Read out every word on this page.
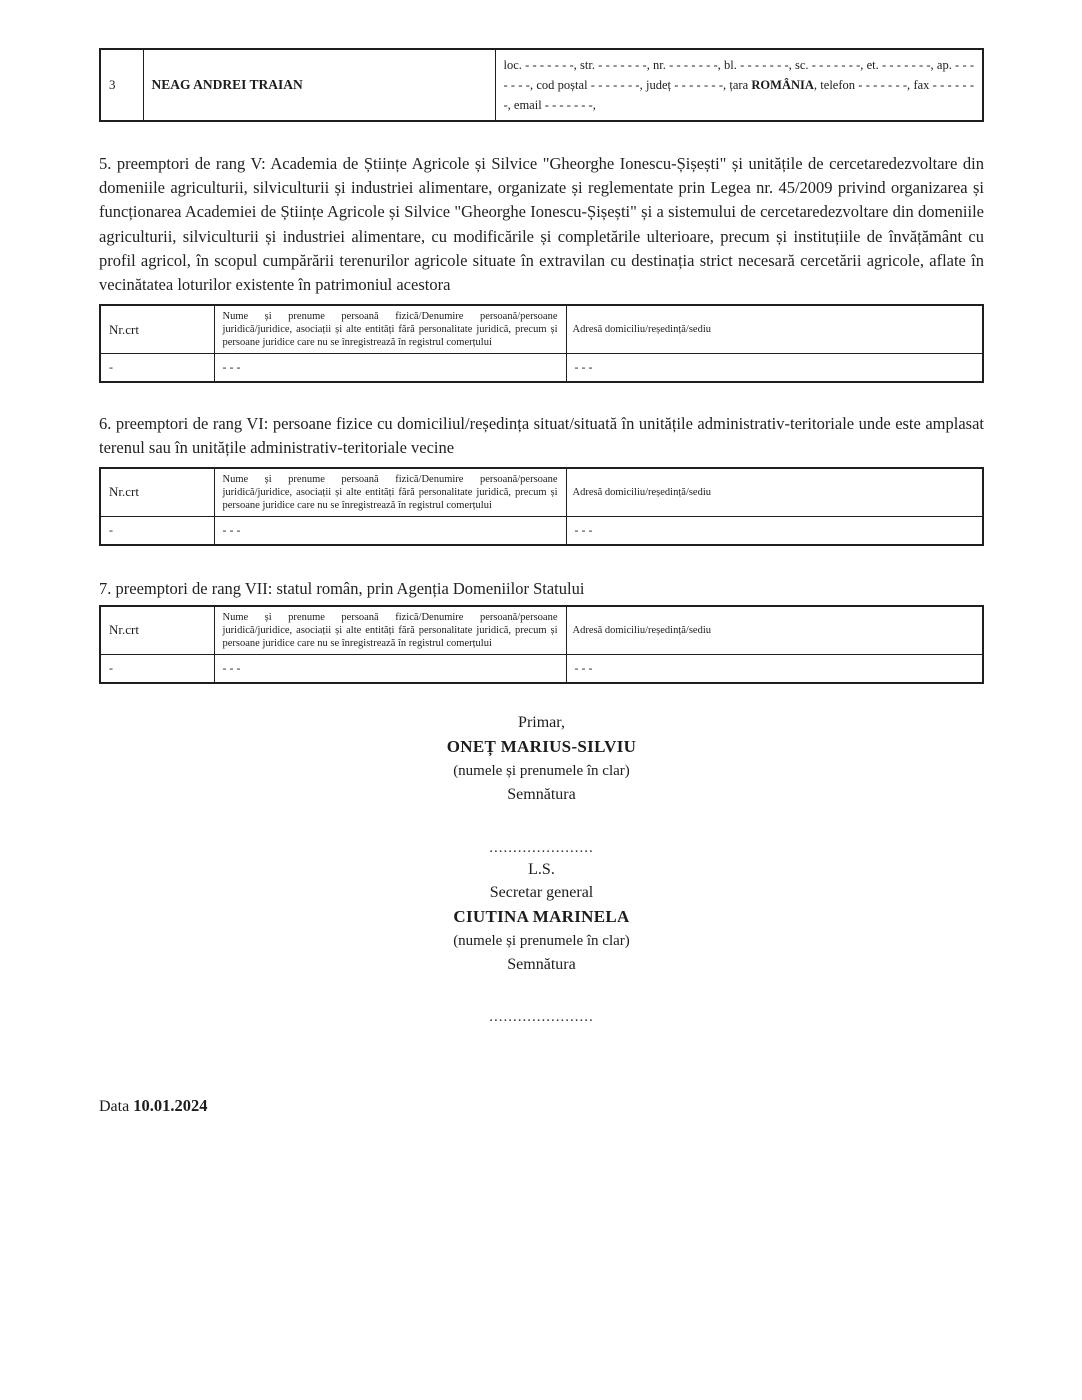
3	NEAG ANDREI TRAIAN	loc. - - - - - - -, str. - - - - - - -, nr. - - - - - - -, bl. - - - - - - -, sc. - - - - - - -, et. - - - - - - -, ap. - - - - - - -, cod poștal - - - - - - -, județ - - - - - - -, țara ROMÂNIA, telefon - - - - - - -, fax - - - - - - -, email - - - - - - -,

5. preemptori de rang V: Academia de Științe Agricole și Silvice "Gheorghe Ionescu-Șișești" și unitățile de cercetaredezvoltare din domeniile agriculturii, silviculturii și industriei alimentare, organizate și reglementate prin Legea nr. 45/2009 privind organizarea și funcționarea Academiei de Științe Agricole și Silvice "Gheorghe Ionescu-Șișești" și a sistemului de cercetaredezvoltare din domeniile agriculturii, silviculturii și industriei alimentare, cu modificările și completările ulterioare, precum și instituțiile de învățământ cu profil agricol, în scopul cumpărării terenurilor agricole situate în extravilan cu destinația strict necesară cercetării agricole, aflate în vecinătatea loturilor existente în patrimoniul acestora

Nr.crt	Nume și prenume persoană fizică/Denumire persoană/persoane juridică/juridice, asociații și alte entități fără personalitate juridică, precum și persoane juridice care nu se înregistrează în registrul comerțului	Adresă domiciliu/reședință/sediu
-	- - -	- - -

6. preemptori de rang VI: persoane fizice cu domiciliul/reședința situat/situată în unitățile administrativ-teritoriale unde este amplasat terenul sau în unitățile administrativ-teritoriale vecine

Nr.crt	Nume și prenume persoană fizică/Denumire persoană/persoane juridică/juridice, asociații și alte entități fără personalitate juridică, precum și persoane juridice care nu se înregistrează în registrul comerțului	Adresă domiciliu/reședință/sediu
-	- - -	- - -

7. preemptori de rang VII: statul român, prin Agenția Domeniilor Statului

Nr.crt	Nume și prenume persoană fizică/Denumire persoană/persoane juridică/juridice, asociații și alte entități fără personalitate juridică, precum și persoane juridice care nu se înregistrează în registrul comerțului	Adresă domiciliu/reședință/sediu
-	- - -	- - -
Primar,
ONEȚ MARIUS-SILVIU
(numele și prenumele în clar)
Semnătura
......................
L.S.
Secretar general
CIUTINA MARINELA
(numele și prenumele în clar)
Semnătura
......................

Data 10.01.2024
